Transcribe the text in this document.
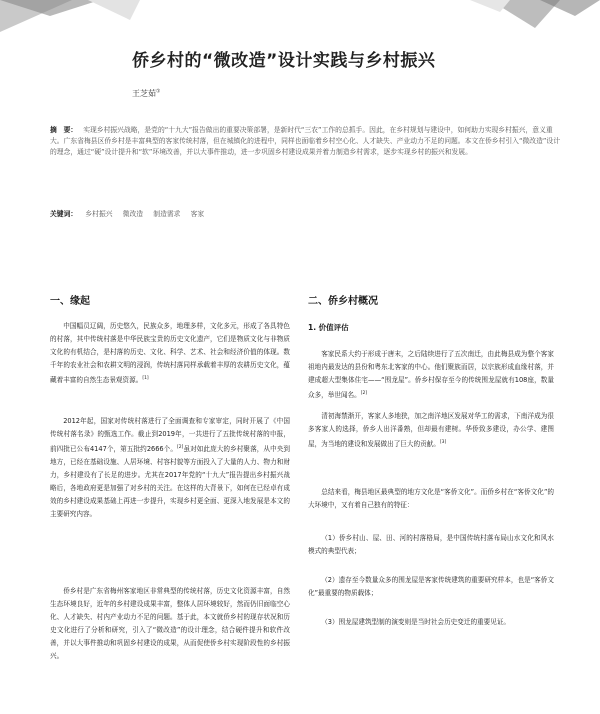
侨乡村的“微改造”设计实践与乡村振兴
王芝茹①
摘　要： 实现乡村振兴战略，是党的“十九大”报告做出的重要决策部署，是新时代“三农”工作的总抓手。因此，在乡村规划与建设中，如何助力实现乡村振兴，意义重大。广东省梅县区侨乡村是丰富典型的客家传统村落，但在城镇化的进程中，同样也面临着乡村空心化、人才缺失、产业动力不足的问题。本文在侨乡村引入“微改造”设计的理念，通过“硬”设计提升和“软”环境改善，并以大事件推动，进一步巩固乡村建设成果并着力制造乡村需求，逐步实现乡村的振兴和发展。
关键词： 乡村振兴 微改造 制造需求 客家
一、缘起

中国幅员辽阔，历史悠久，民族众多，地理多样，文化多元，形成了各具特色的村落，其中传统村落是中华民族宝贵的历史文化遗产，它们是物质文化与非物质文化的有机结合，是村落的历史、文化、科学、艺术、社会和经济价值的体现。数千年的农业社会和农耕文明的浸润，传统村落同样承载着丰厚的农耕历史文化，蕴藏着丰富的自然生态景观资源。[1]

2012年起，国家对传统村落进行了全面调查和专家审定，同时开展了《中国传统村落名录》的甄选工作。截止到2019年，一共进行了五批传统村落的申报，前四批已公布4147个，第五批约2666个。[2]虽对如此庞大的乡村聚落，从中央到地方，已经在基础设施、人居环境、村容村貌等方面投入了大量的人力、物力和财力，乡村建设有了长足的进步。尤其在2017年党的“十九大”报告提出乡村振兴战略后，各地政府更是加强了对乡村的关注。在这样的大背景下，如何在已经卓有成效的乡村建设成果基础上再进一步提升，实现乡村更全面、更深入地发展是本文的主要研究内容。

侨乡村是广东省梅州客家地区非常典型的传统村落，历史文化资源丰富，自然生态环境良好，近年的乡村建设成果丰富，整体人居环境较好，然而仍旧面临空心化、人才缺失、村内产业动力不足的问题。基于此，本文就侨乡村的现存状况和历史文化进行了分析和研究，引入了“微改造”的设计理念，结合硬件提升和软件改善，并以大事件推动和巩固乡村建设的成果，从而促使侨乡村实现阶段性的乡村振兴。

二、侨乡村概况
1. 价值评估

客家民系大约于形成于唐末，之后陆续进行了五次南迁，由此梅县成为整个客家祖地内最发达的县份和粤东北客家的中心。他们聚族而居，以宗族形成血缘村落，并建成超大型集体住宅——“围龙屋”。侨乡村保存至今的传统围龙屋就有108座，数量众多，举世闻名。[2]

清初海禁渐开，客家人多地狭，加之南洋地区发展对华工的需求，下南洋成为很多客家人的选择，侨乡人出洋番熟，但却最有建树。华侨致多建设，办公学、建图屋，为当地的建设和发展做出了巨大的贡献。[3]

总结来看，梅县地区最典型的地方文化是“客侨文化”。而侨乡村在“客侨文化”的大环境中，又有着自己独有的特征：

（1）侨乡村山、屋、田、河的村落格局，是中国传统村落布局山水文化和风水模式的典型代表；

（2）遗存至今数量众多的围龙屋是客家传统建筑的重要研究样本，也是“客侨文化”最重要的物质载体；

（3）围龙屋建筑型制的演变则是当时社会历史变迁的重要见证。
